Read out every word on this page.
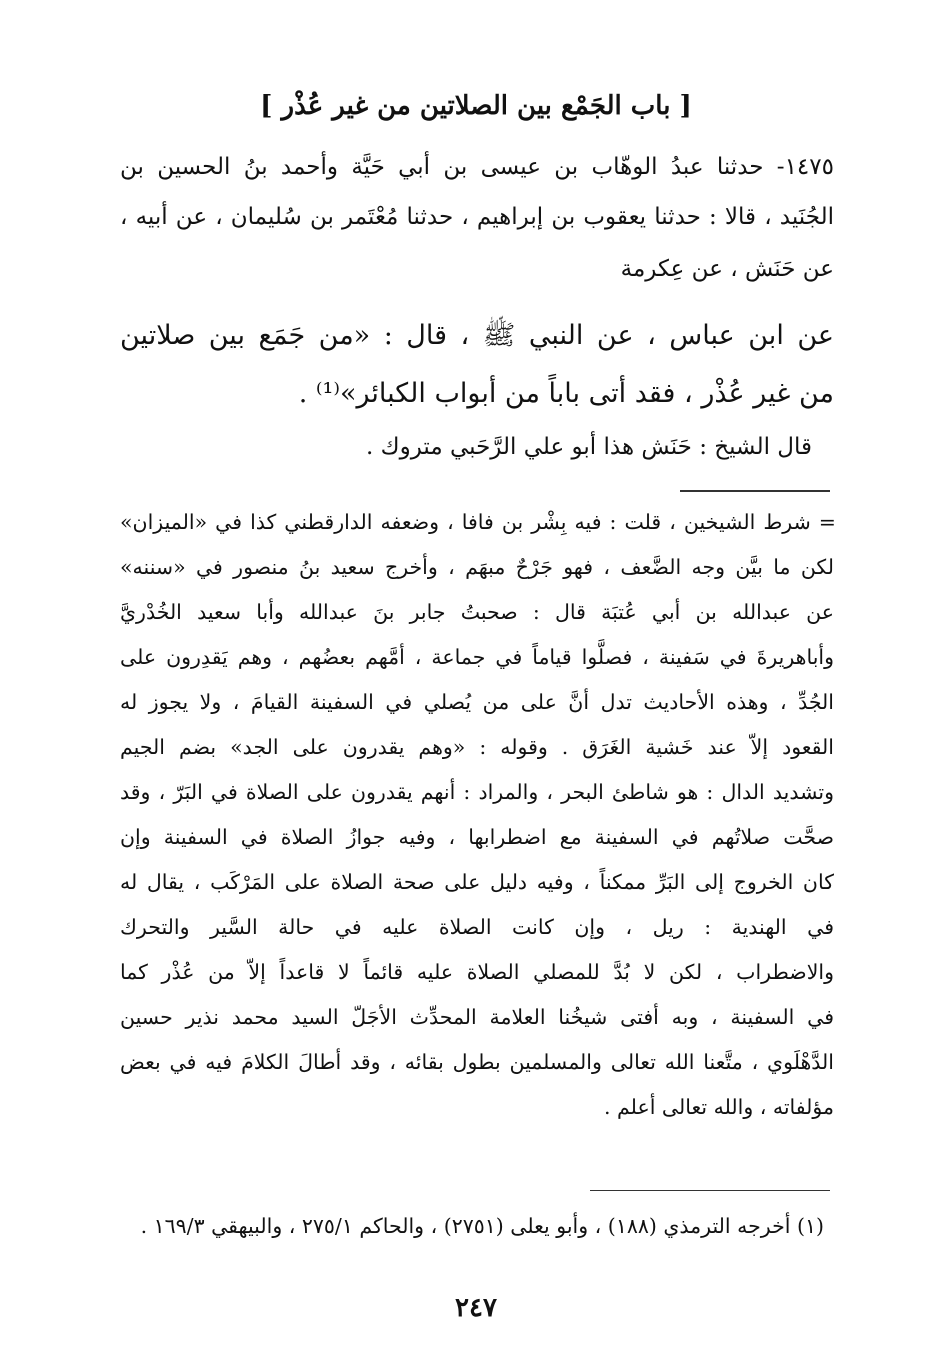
[ باب الجَمْع بين الصلاتين من غير عُذْر ]
١٤٧٥- حدثنا عبدُ الوهّاب بن عيسى بن أبي حَيَّة وأحمد بنُ الحسين بن
الجُنَيد ، قالا : حدثنا يعقوب بن إبراهيم ، حدثنا مُعْتَمر بن سُليمان ، عن أبيه ،
عن حَنَش ، عن عِكرمة
عن ابن عباس ، عن النبي ﷺ ، قال : «من جَمَع بين صلاتين
من غير عُذْر ، فقد أتى باباً من أبواب الكبائر»⁽¹⁾ .
قال الشيخ : حَنَش هذا أبو علي الرَّحَبي متروك .
= شرط الشيخين ، قلت : فيه بِشْر بن فافا ، وضعفه الدارقطني كذا في «الميزان»
لكن ما بيَّن وجه الضَّعف ، فهو جَرْحٌ مبهَم ، وأخرج سعيد بنُ منصور في «سننه»
عن عبدالله بن أبي عُتبَة قال : صحبتُ جابر بنَ عبدالله وأبا سعيد الخُدْريَّ
وأباهريرةَ في سَفينة ، فصلَّوا قياماً في جماعة ، أمَّهم بعضُهم ، وهم يَقدِرون على
الجُدِّ ، وهذه الأحاديث تدل أنَّ على من يُصلي في السفينة القيامَ ، ولا يجوز له
القعود إلاّ عند خَشية الغَرَق . وقوله : «وهم يقدرون على الجد» بضم الجيم
وتشديد الدال : هو شاطئ البحر ، والمراد : أنهم يقدرون على الصلاة في البَرّ ، وقد
صحَّت صلاتُهم في السفينة مع اضطرابها ، وفيه جوازُ الصلاة في السفينة وإن
كان الخروج إلى البَرِّ ممكناً ، وفيه دليل على صحة الصلاة على المَرْكَب ، يقال له
في الهندية : ريل ، وإن كانت الصلاة عليه في حالة السَّير والتحرك
والاضطراب ، لكن لا بُدَّ للمصلي الصلاة عليه قائماً لا قاعداً إلاّ من عُذْر كما
في السفينة ، وبه أفتى شيخُنا العلامة المحدِّث الأجَلّ السيد محمد نذير حسين
الدَّهْلَوي ، متَّعنا الله تعالى والمسلمين بطول بقائه ، وقد أطالَ الكلامَ فيه في بعض
مؤلفاته ، والله تعالى أعلم .
(١) أخرجه الترمذي (١٨٨) ، وأبو يعلى (٢٧٥١) ، والحاكم ٢٧٥/١ ، والبيهقي ١٦٩/٣ .
٢٤٧
